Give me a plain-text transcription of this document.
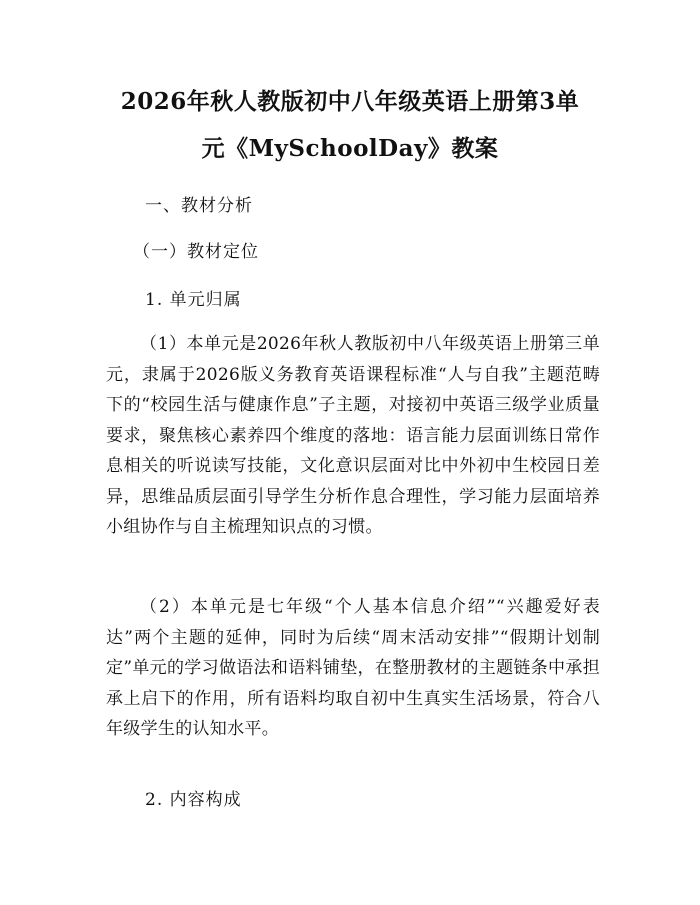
2026年秋人教版初中八年级英语上册第3单
元《MySchoolDay》教案
一、教材分析
（一）教材定位
1. 单元归属

（1）本单元是2026年秋人教版初中八年级英语上册第三单元，隶属于2026版义务教育英语课程标准“人与自我”主题范畴下的“校园生活与健康作息”子主题，对接初中英语三级学业质量要求，聚焦核心素养四个维度的落地：语言能力层面训练日常作息相关的听说读写技能，文化意识层面对比中外初中生校园日差异，思维品质层面引导学生分析作息合理性，学习能力层面培养小组协作与自主梳理知识点的习惯。

（2）本单元是七年级“个人基本信息介绍”“兴趣爱好表达”两个主题的延伸，同时为后续“周末活动安排”“假期计划制定”单元的学习做语法和语料铺垫，在整册教材的主题链条中承担承上启下的作用，所有语料均取自初中生真实生活场景，符合八年级学生的认知水平。

2. 内容构成
